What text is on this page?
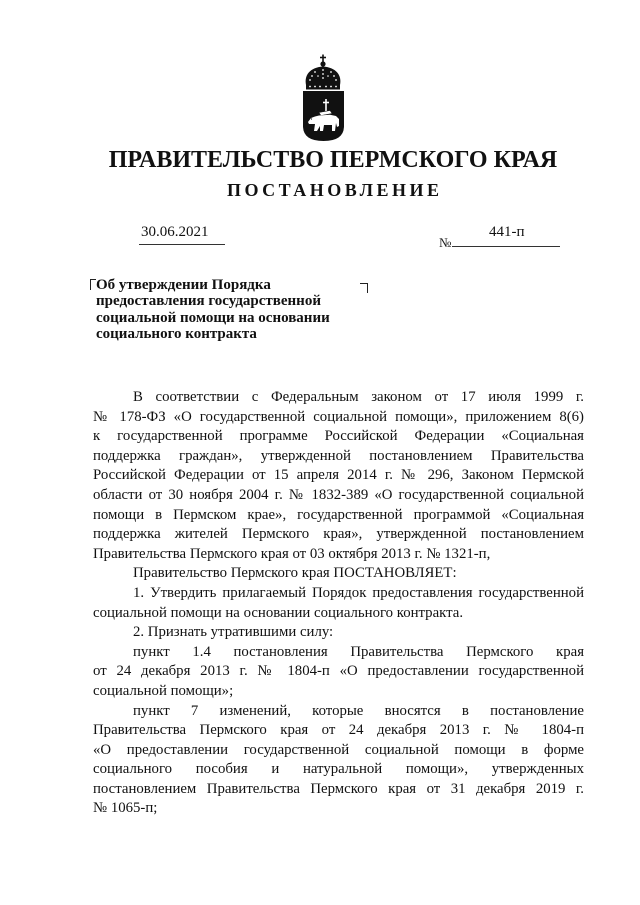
ПРАВИТЕЛЬСТВО ПЕРМСКОГО КРАЯ
ПОСТАНОВЛЕНИЕ
30.06.2021
№
441-п
Об утверждении Порядка
предоставления государственной
социальной помощи на основании
социального контракта
В соответствии с Федеральным законом от 17 июля 1999 г.
№ 178-ФЗ «О государственной социальной помощи», приложением 8(6)
к государственной программе Российской Федерации «Социальная
поддержка граждан», утвержденной постановлением Правительства
Российской Федерации от 15 апреля 2014 г. № 296, Законом Пермской
области от 30 ноября 2004 г. № 1832-389 «О государственной социальной
помощи в Пермском крае», государственной программой «Социальная
поддержка жителей Пермского края», утвержденной постановлением
Правительства Пермского края от 03 октября 2013 г. № 1321-п,
Правительство Пермского края ПОСТАНОВЛЯЕТ:
1. Утвердить прилагаемый Порядок предоставления государственной
социальной помощи на основании социального контракта.
2. Признать утратившими силу:
пункт 1.4 постановления Правительства Пермского края
от 24 декабря 2013 г. № 1804-п «О предоставлении государственной
социальной помощи»;
пункт 7 изменений, которые вносятся в постановление
Правительства Пермского края от 24 декабря 2013 г. № 1804-п
«О предоставлении государственной социальной помощи в форме
социального пособия и натуральной помощи», утвержденных
постановлением Правительства Пермского края от 31 декабря 2019 г.
№ 1065-п;
